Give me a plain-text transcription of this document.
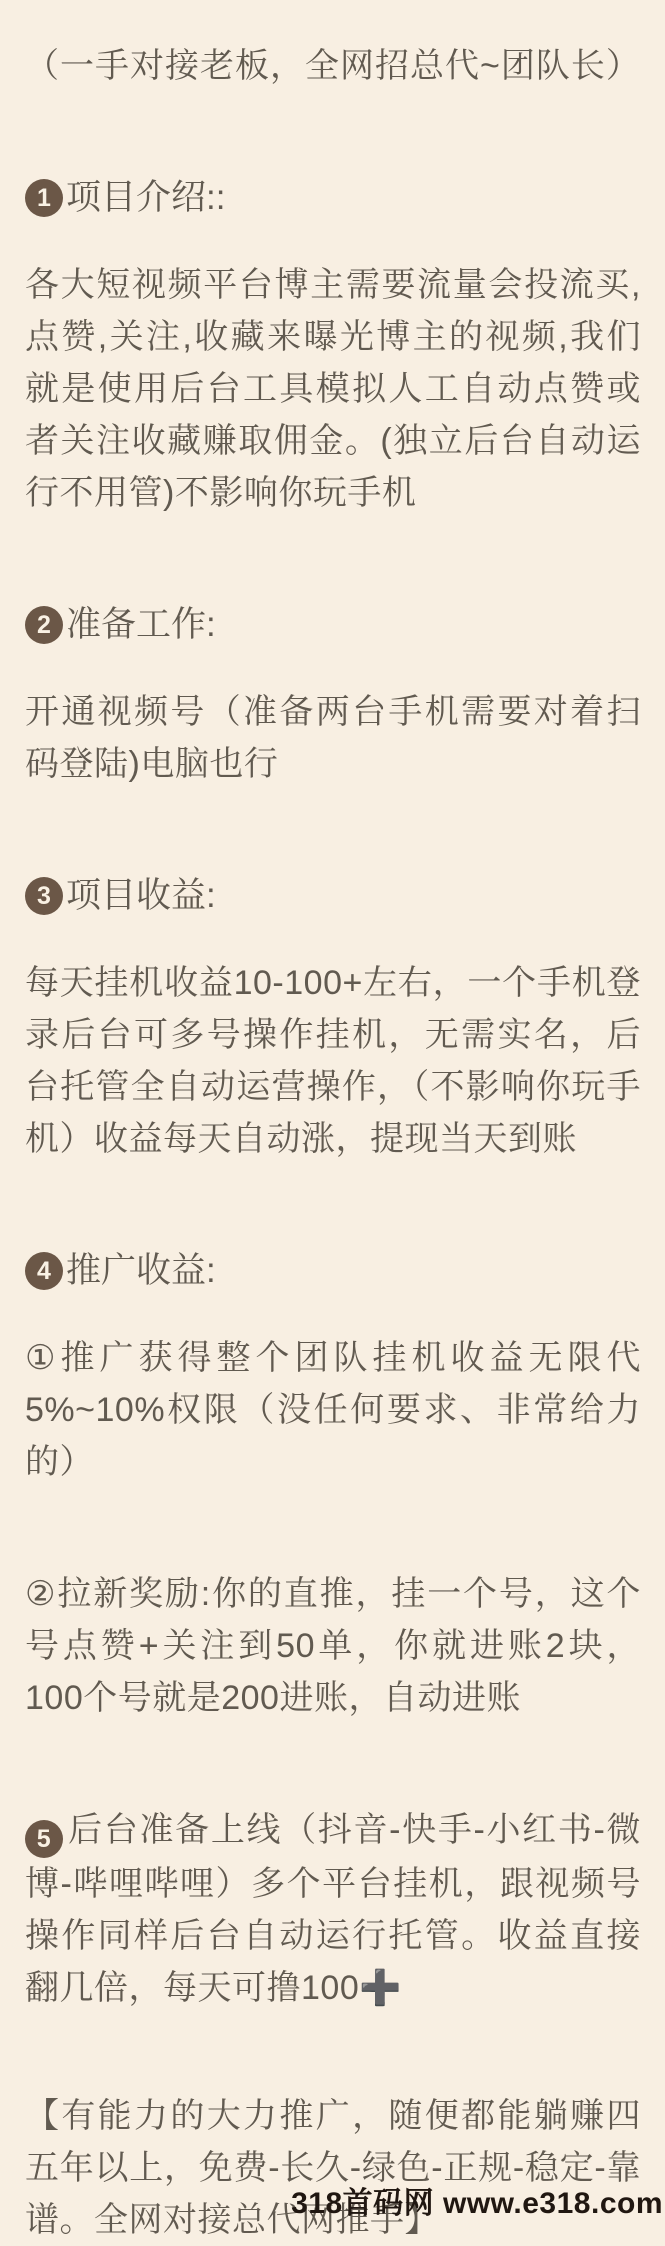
（一手对接老板，全网招总代~团队长）

1 项目介绍::

各大短视频平台博主需要流量会投流买,点赞,关注,收藏来曝光博主的视频,我们就是使用后台工具模拟人工自动点赞或者关注收藏赚取佣金。(独立后台自动运行不用管)不影响你玩手机

2 准备工作:

开通视频号（准备两台手机需要对着扫码登陆)电脑也行

3 项目收益:

每天挂机收益10-100+左右，一个手机登录后台可多号操作挂机，无需实名，后台托管全自动运营操作，（不影响你玩手机）收益每天自动涨，提现当天到账

4 推广收益:

①推广获得整个团队挂机收益无限代5%~10%权限（没任何要求、非常给力的）

②拉新奖励:你的直推，挂一个号，这个号点赞+关注到50单，你就进账2块，100个号就是200进账，自动进账

5 后台准备上线（抖音-快手-小红书-微博-哔哩哔哩）多个平台挂机，跟视频号操作同样后台自动运行托管。收益直接翻几倍，每天可撸100➕

【有能力的大力推广，随便都能躺赚四五年以上，免费-长久-绿色-正规-稳定-靠谱。全网对接总代网推手】

318首码网 www.e318.com
